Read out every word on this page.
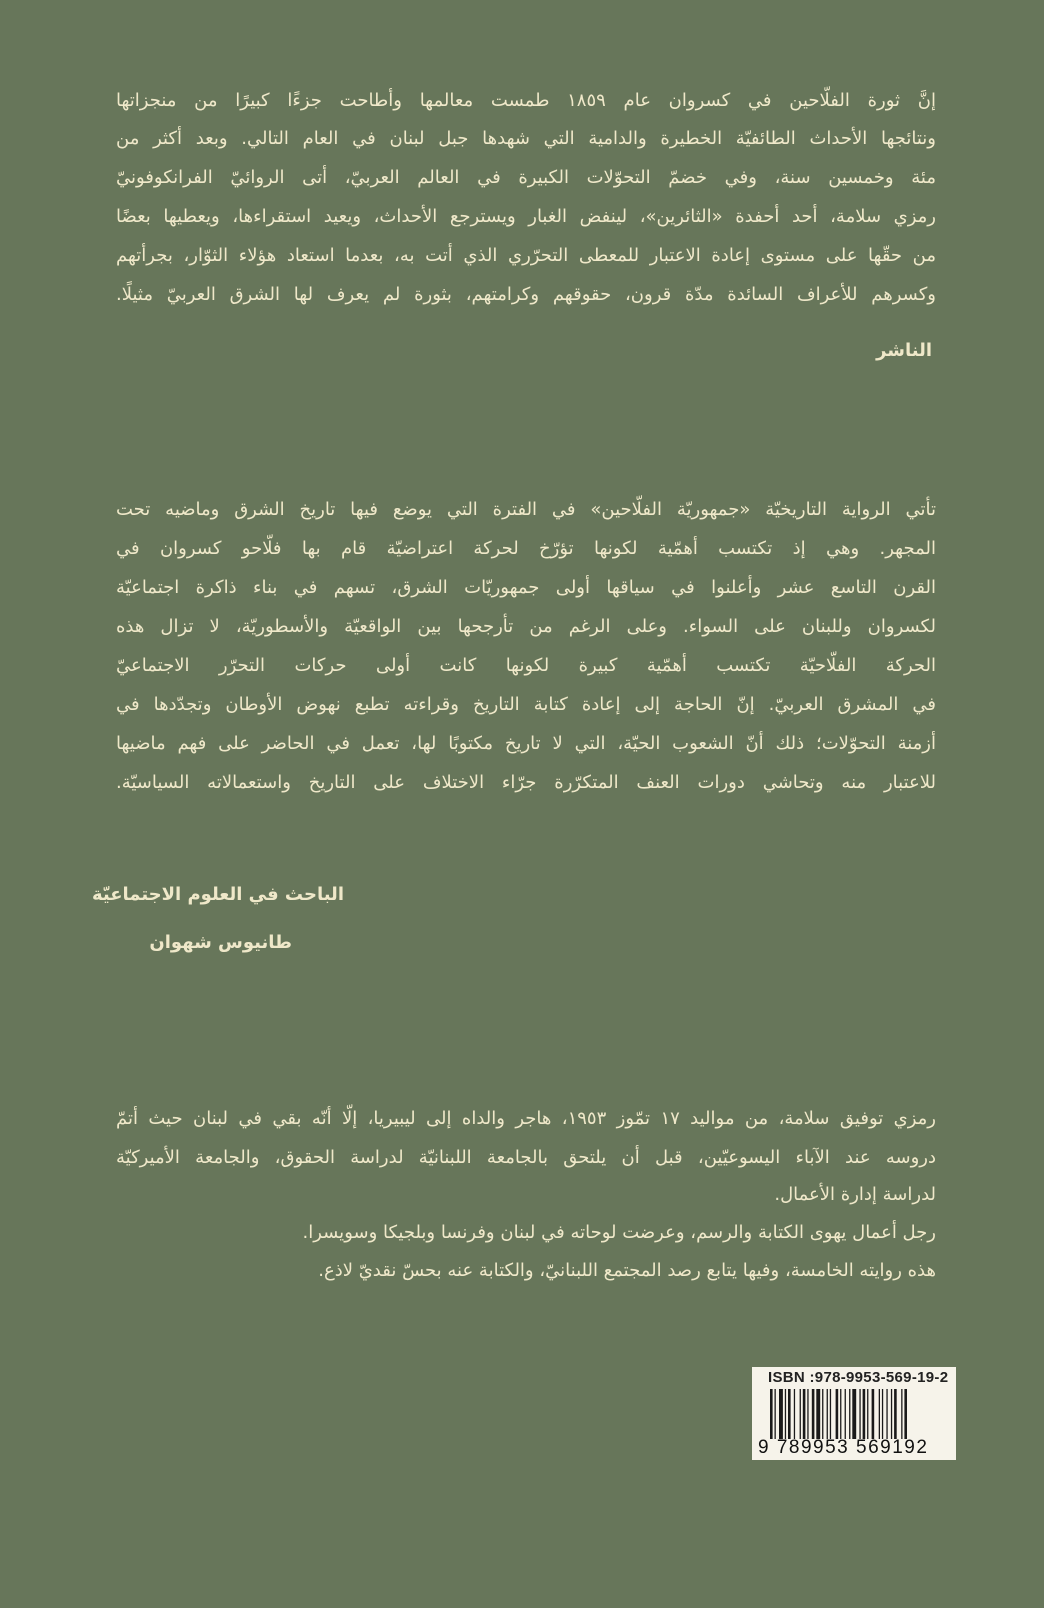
إنَّ ثورة الفلّاحين في كسروان عام ١٨٥٩ طمست معالمها وأطاحت جزءًا كبيرًا من منجزاتها
ونتائجها الأحداث الطائفيّة الخطيرة والدامية التي شهدها جبل لبنان في العام التالي. وبعد أكثر من
مئة وخمسين سنة، وفي خضمّ التحوّلات الكبيرة في العالم العربيّ، أتى الروائيّ الفرانكوفونيّ
رمزي سلامة، أحد أحفدة «الثائرين»، لينفض الغبار ويسترجع الأحداث، ويعيد استقراءها، ويعطيها بعضًا
من حقّها على مستوى إعادة الاعتبار للمعطى التحرّري الذي أتت به، بعدما استعاد هؤلاء الثوّار، بجرأتهم
وكسرهم للأعراف السائدة مدّة قرون، حقوقهم وكرامتهم، بثورة لم يعرف لها الشرق العربيّ مثيلًا.
الناشر
تأتي الرواية التاريخيّة «جمهوريّة الفلّاحين» في الفترة التي يوضع فيها تاريخ الشرق وماضيه تحت
المجهر. وهي إذ تكتسب أهمّية لكونها تؤرّخ لحركة اعتراضيّة قام بها فلّاحو كسروان في
القرن التاسع عشر وأعلنوا في سياقها أولى جمهوريّات الشرق، تسهم في بناء ذاكرة اجتماعيّة
لكسروان وللبنان على السواء. وعلى الرغم من تأرجحها بين الواقعيّة والأسطوريّة، لا تزال هذه
الحركة الفلّاحيّة تكتسب أهمّية كبيرة لكونها كانت أولى حركات التحرّر الاجتماعيّ
في المشرق العربيّ. إنّ الحاجة إلى إعادة كتابة التاريخ وقراءته تطبع نهوض الأوطان وتجدّدها في
أزمنة التحوّلات؛ ذلك أنّ الشعوب الحيّة، التي لا تاريخ مكتوبًا لها، تعمل في الحاضر على فهم ماضيها
للاعتبار منه وتحاشي دورات العنف المتكرّرة جرّاء الاختلاف على التاريخ واستعمالاته السياسيّة.
الباحث في العلوم الاجتماعيّة
طانيوس شهوان
رمزي توفيق سلامة، من مواليد ١٧ تمّوز ١٩٥٣، هاجر والداه إلى ليبيريا، إلّا أنّه بقي في لبنان حيث أتمّ
دروسه عند الآباء اليسوعيّين، قبل أن يلتحق بالجامعة اللبنانيّة لدراسة الحقوق، والجامعة الأميركيّة
لدراسة إدارة الأعمال.
رجل أعمال يهوى الكتابة والرسم، وعرضت لوحاته في لبنان وفرنسا وبلجيكا وسويسرا.
هذه روايته الخامسة، وفيها يتابع رصد المجتمع اللبنانيّ، والكتابة عنه بحسّ نقديّ لاذع.
ISBN :978-9953-569-19-2
9 789953 569192
